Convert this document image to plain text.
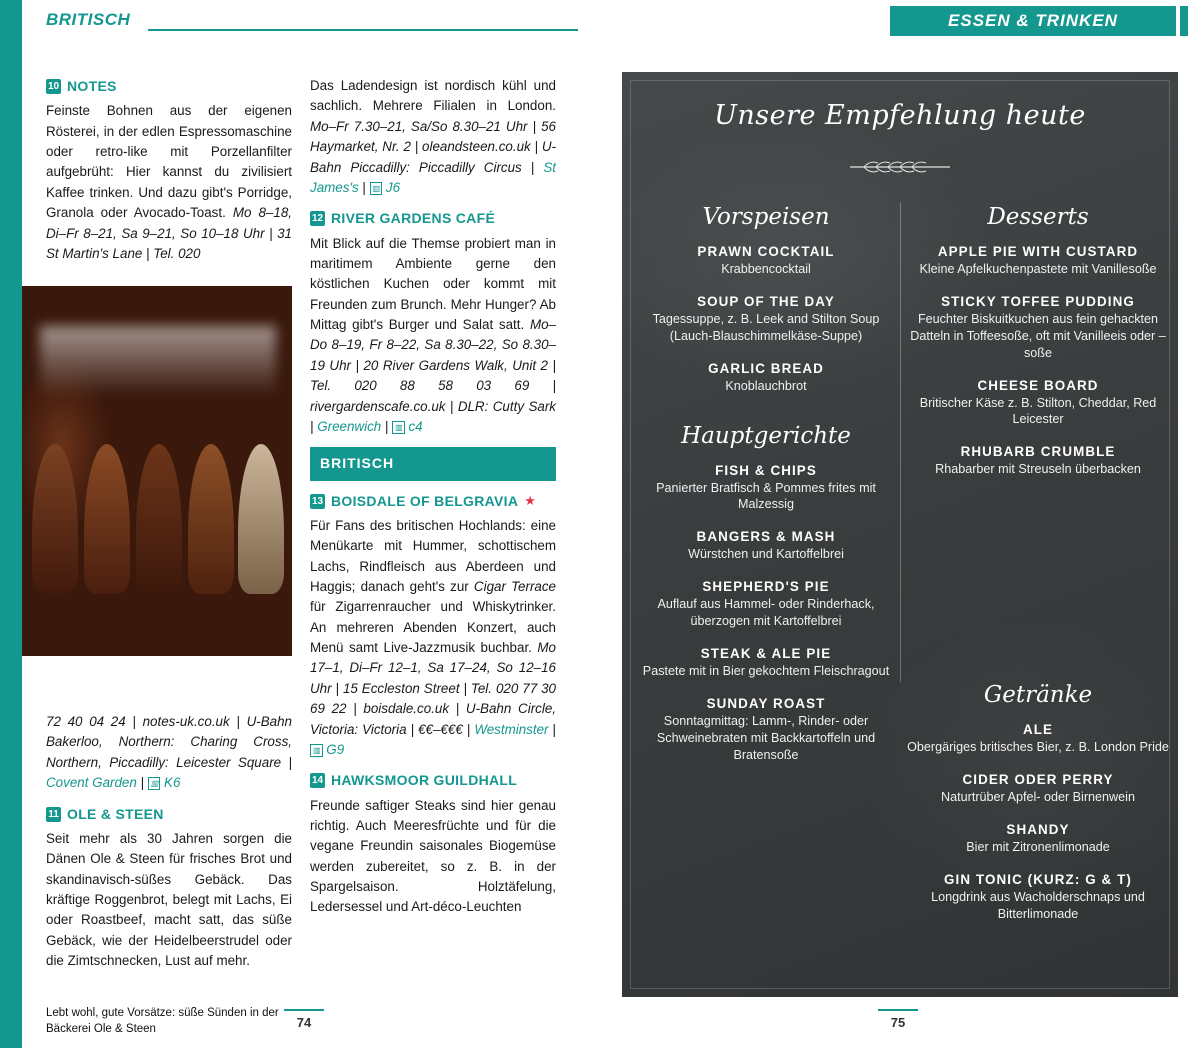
BRITISCH	ESSEN & TRINKEN
10 NOTES

Feinste Bohnen aus der eigenen Rösterei, in der edlen Espressomaschine oder retro-like mit Porzellanfilter aufgebrüht: Hier kannst du zivilisiert Kaffee trinken. Und dazu gibt's Porridge, Granola oder Avocado-Toast. Mo 8–18, Di–Fr 8–21, Sa 9–21, So 10–18 Uhr | 31 St Martin's Lane | Tel. 020

Lebt wohl, gute Vorsätze: süße Sünden in der Bäckerei Ole & Steen

72 40 04 24 | notes-uk.co.uk | U-Bahn Bakerloo, Northern: Charing Cross, Northern, Piccadilly: Leicester Square | Covent Garden | ▥ K6

11 OLE & STEEN

Seit mehr als 30 Jahren sorgen die Dänen Ole & Steen für frisches Brot und skandinavisch-süßes Gebäck. Das kräftige Roggenbrot, belegt mit Lachs, Ei oder Roastbeef, macht satt, das süße Gebäck, wie der Heidelbeerstrudel oder die Zimtschnecken, Lust auf mehr.

Das Ladendesign ist nordisch kühl und sachlich. Mehrere Filialen in London. Mo–Fr 7.30–21, Sa/So 8.30–21 Uhr | 56 Haymarket, Nr. 2 | oleandsteen.co.uk | U-Bahn Piccadilly: Piccadilly Circus | St James's | ▥ J6

12 RIVER GARDENS CAFÉ

Mit Blick auf die Themse probiert man in maritimem Ambiente gerne den köstlichen Kuchen oder kommt mit Freunden zum Brunch. Mehr Hunger? Ab Mittag gibt's Burger und Salat satt. Mo–Do 8–19, Fr 8–22, Sa 8.30–22, So 8.30–19 Uhr | 20 River Gardens Walk, Unit 2 | Tel. 020 88 58 03 69 | rivergardenscafe.co.uk | DLR: Cutty Sark | Greenwich | ▥ c4

BRITISCH
13 BOISDALE OF BELGRAVIA ★

Für Fans des britischen Hochlands: eine Menükarte mit Hummer, schottischem Lachs, Rindfleisch aus Aberdeen und Haggis; danach geht's zur Cigar Terrace für Zigarrenraucher und Whiskytrinker. An mehreren Abenden Konzert, auch Menü samt Live-Jazzmusik buchbar. Mo 17–1, Di–Fr 12–1, Sa 17–24, So 12–16 Uhr | 15 Eccleston Street | Tel. 020 77 30 69 22 | boisdale.co.uk | U-Bahn Circle, Victoria: Victoria | €€–€€€ | Westminster | ▥ G9

14 HAWKSMOOR GUILDHALL

Freunde saftiger Steaks sind hier genau richtig. Auch Meeresfrüchte und für die vegane Freundin saisonales Biogemüse werden zubereitet, so z. B. in der Spargelsaison. Holztäfelung, Ledersessel und Art-déco-Leuchten

Unsere Empfehlung heute
Vorspeisen
PRAWN COCKTAIL
Krabbencocktail
SOUP OF THE DAY
Tagessuppe, z. B. Leek and Stilton Soup (Lauch-Blauschimmelkäse-Suppe)
GARLIC BREAD
Knoblauchbrot
Hauptgerichte
FISH & CHIPS
Panierter Bratfisch & Pommes frites mit Malzessig
BANGERS & MASH
Würstchen und Kartoffelbrei
SHEPHERD'S PIE
Auflauf aus Hammel- oder Rinderhack, überzogen mit Kartoffelbrei
STEAK & ALE PIE
Pastete mit in Bier gekochtem Fleischragout
SUNDAY ROAST
Sonntagmittag: Lamm-, Rinder- oder Schweinebraten mit Backkartoffeln und Bratensoße
Desserts
APPLE PIE WITH CUSTARD
Kleine Apfelkuchenpastete mit Vanillesoße
STICKY TOFFEE PUDDING
Feuchter Biskuitkuchen aus fein gehackten Datteln in Toffeesoße, oft mit Vanilleeis oder –soße
CHEESE BOARD
Britischer Käse z. B. Stilton, Cheddar, Red Leicester
RHUBARB CRUMBLE
Rhabarber mit Streuseln überbacken
Getränke
ALE
Obergäriges britisches Bier, z. B. London Pride
CIDER ODER PERRY
Naturtrüber Apfel- oder Birnenwein
SHANDY
Bier mit Zitronenlimonade
GIN TONIC (KURZ: G & T)
Longdrink aus Wacholderschnaps und Bitterlimonade
74	75
